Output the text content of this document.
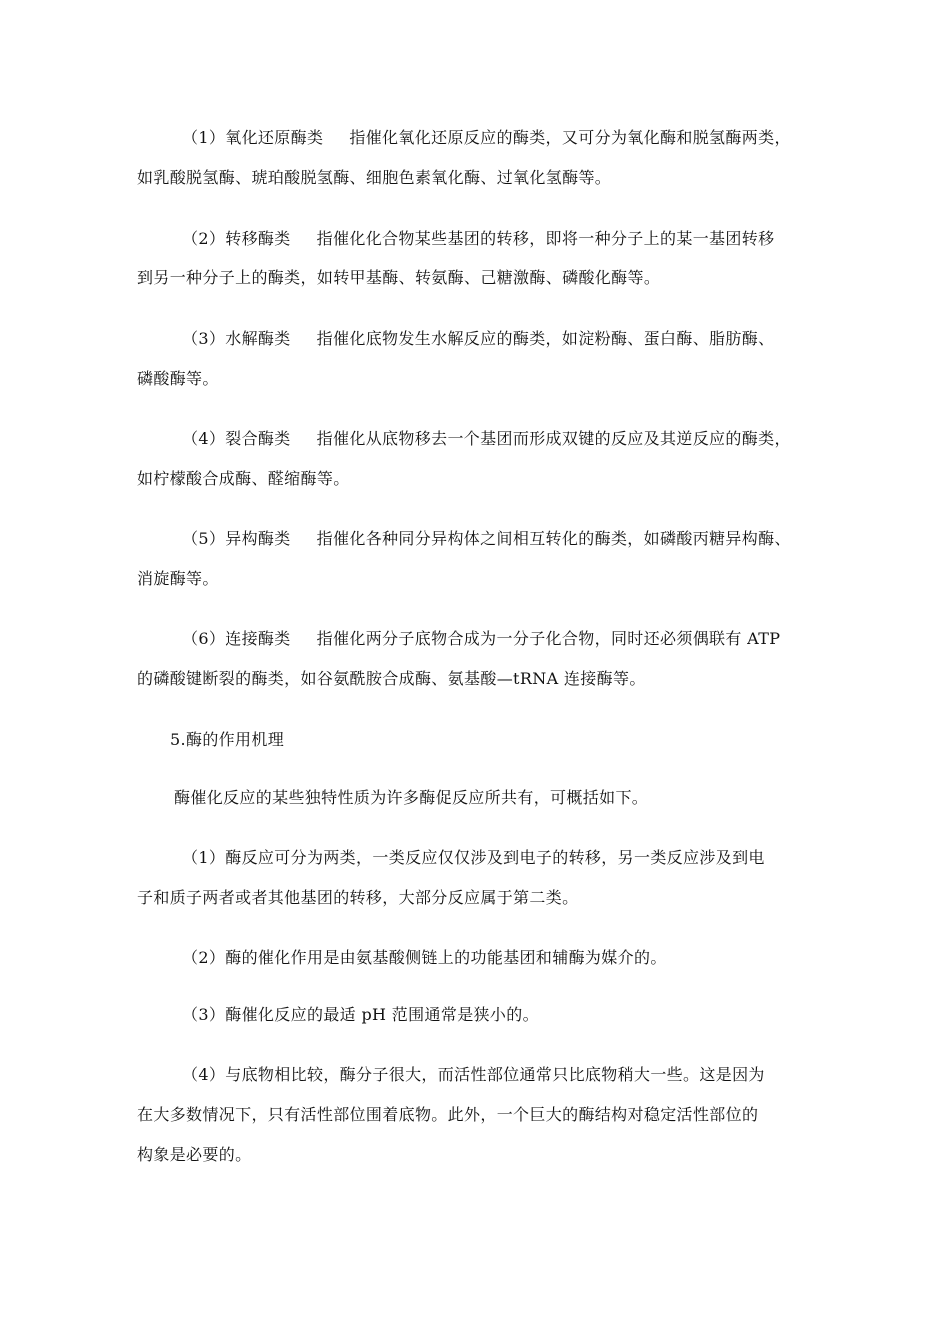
（1）氧化还原酶类 指催化氧化还原反应的酶类，又可分为氧化酶和脱氢酶两类，
如乳酸脱氢酶、琥珀酸脱氢酶、细胞色素氧化酶、过氧化氢酶等。
（2）转移酶类 指催化化合物某些基团的转移，即将一种分子上的某一基团转移
到另一种分子上的酶类，如转甲基酶、转氨酶、己糖激酶、磷酸化酶等。
（3）水解酶类 指催化底物发生水解反应的酶类，如淀粉酶、蛋白酶、脂肪酶、
磷酸酶等。
（4）裂合酶类 指催化从底物移去一个基团而形成双键的反应及其逆反应的酶类，
如柠檬酸合成酶、醛缩酶等。
（5）异构酶类 指催化各种同分异构体之间相互转化的酶类，如磷酸丙糖异构酶、
消旋酶等。
（6）连接酶类 指催化两分子底物合成为一分子化合物，同时还必须偶联有 ATP
的磷酸键断裂的酶类，如谷氨酰胺合成酶、氨基酸—tRNA 连接酶等。
5.酶的作用机理
酶催化反应的某些独特性质为许多酶促反应所共有，可概括如下。
（1）酶反应可分为两类，一类反应仅仅涉及到电子的转移，另一类反应涉及到电
子和质子两者或者其他基团的转移，大部分反应属于第二类。
（2）酶的催化作用是由氨基酸侧链上的功能基团和辅酶为媒介的。
（3）酶催化反应的最适 pH 范围通常是狭小的。
（4）与底物相比较，酶分子很大，而活性部位通常只比底物稍大一些。这是因为
在大多数情况下，只有活性部位围着底物。此外，一个巨大的酶结构对稳定活性部位的
构象是必要的。
